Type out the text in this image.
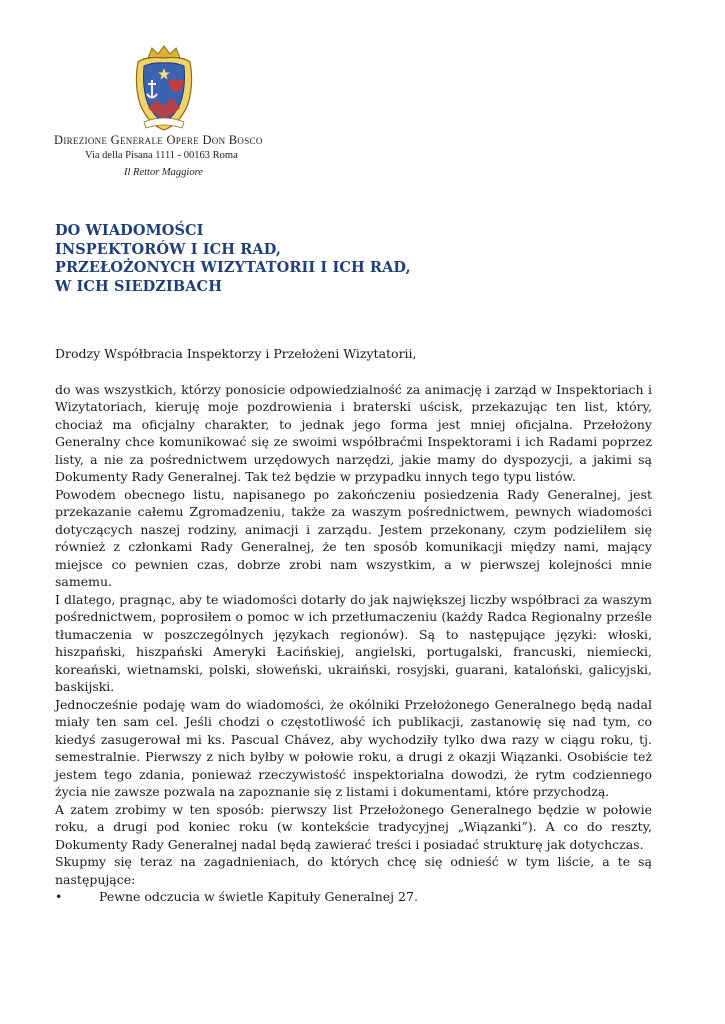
Direzione Generale Opere Don Bosco
Via della Pisana 1111 - 00163 Roma
Il Rettor Maggiore
DO WIADOMOŚCI
INSPEKTORÓW I ICH RAD,
PRZEŁOŻONYCH WIZYTATORII I ICH RAD,
W ICH SIEDZIBACH

Drodzy Współbracia Inspektorzy i Przełożeni Wizytatorii,

do was wszystkich, którzy ponosicie odpowiedzialność za animację i zarząd w Inspektoriach i Wizytatoriach, kieruję moje pozdrowienia i braterski uścisk, przekazując ten list, który, chociaż ma oficjalny charakter, to jednak jego forma jest mniej oficjalna. Przełożony Generalny chce komunikować się ze swoimi współbraćmi Inspektorami i ich Radami poprzez listy, a nie za pośrednictwem urzędowych narzędzi, jakie mamy do dyspozycji, a jakimi są Dokumenty Rady Generalnej. Tak też będzie w przypadku innych tego typu listów.

Powodem obecnego listu, napisanego po zakończeniu posiedzenia Rady Generalnej, jest przekazanie całemu Zgromadzeniu, także za waszym pośrednictwem, pewnych wiadomości dotyczących naszej rodziny, animacji i zarządu. Jestem przekonany, czym podzieliłem się również z członkami Rady Generalnej, że ten sposób komunikacji między nami, mający miejsce co pewnien czas, dobrze zrobi nam wszystkim, a w pierwszej kolejności mnie samemu.

I dlatego, pragnąc, aby te wiadomości dotarły do jak największej liczby współbraci za waszym pośrednictwem, poprosiłem o pomoc w ich przetłumaczeniu (każdy Radca Regionalny prześle tłumaczenia w poszczególnych językach regionów). Są to następujące języki: włoski, hiszpański, hiszpański Ameryki Łacińskiej, angielski, portugalski, francuski, niemiecki, koreański, wietnamski, polski, słoweński, ukraiński, rosyjski, guarani, kataloński, galicyjski, baskijski.

Jednocześnie podaję wam do wiadomości, że okólniki Przełożonego Generalnego będą nadal miały ten sam cel. Jeśli chodzi o częstotliwość ich publikacji, zastanowię się nad tym, co kiedyś zasugerował mi ks. Pascual Chávez, aby wychodziły tylko dwa razy w ciągu roku, tj. semestralnie. Pierwszy z nich byłby w połowie roku, a drugi z okazji Wiązanki. Osobiście też jestem tego zdania, ponieważ rzeczywistość inspektorialna dowodzi, że rytm codziennego życia nie zawsze pozwala na zapoznanie się z listami i dokumentami, które przychodzą.

A zatem zrobimy w ten sposób: pierwszy list Przełożonego Generalnego będzie w połowie roku, a drugi pod koniec roku (w kontekście tradycyjnej „Wiązanki”). A co do reszty, Dokumenty Rady Generalnej nadal będą zawierać treści i posiadać strukturę jak dotychczas.

Skupmy się teraz na zagadnieniach, do których chcę się odnieść w tym liście, a te są następujące:

•	Pewne odczucia w świetle Kapituły Generalnej 27.
